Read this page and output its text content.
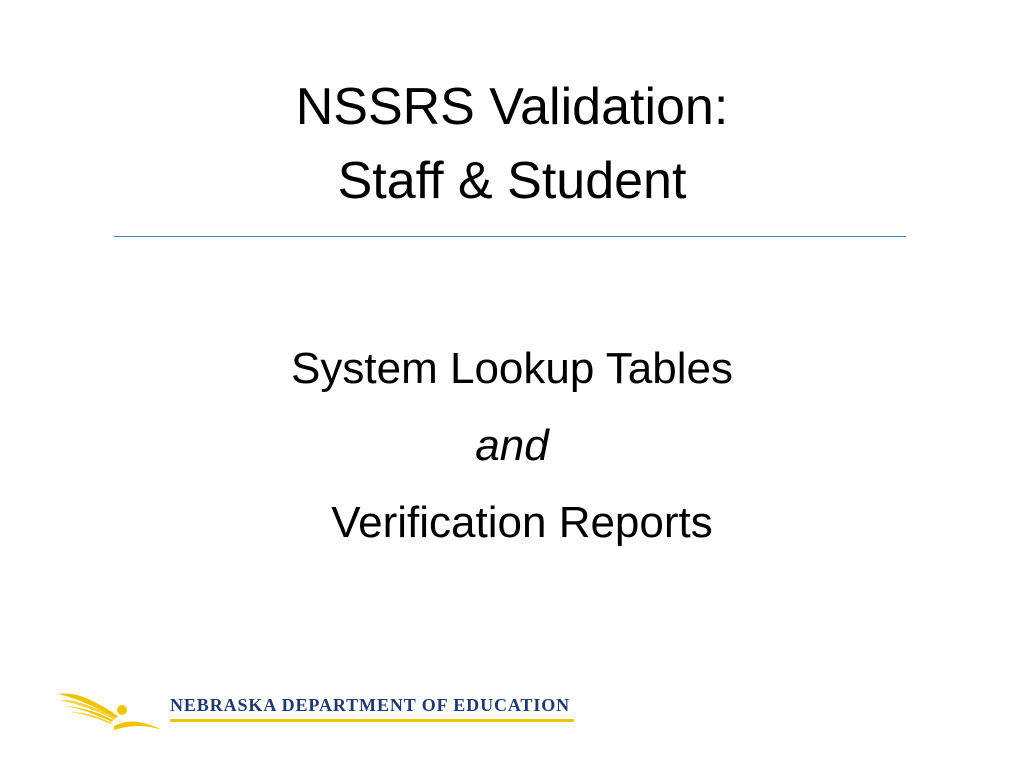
NSSRS Validation:
Staff & Student
System Lookup Tables
and
Verification Reports
NEBRASKA DEPARTMENT OF EDUCATION
